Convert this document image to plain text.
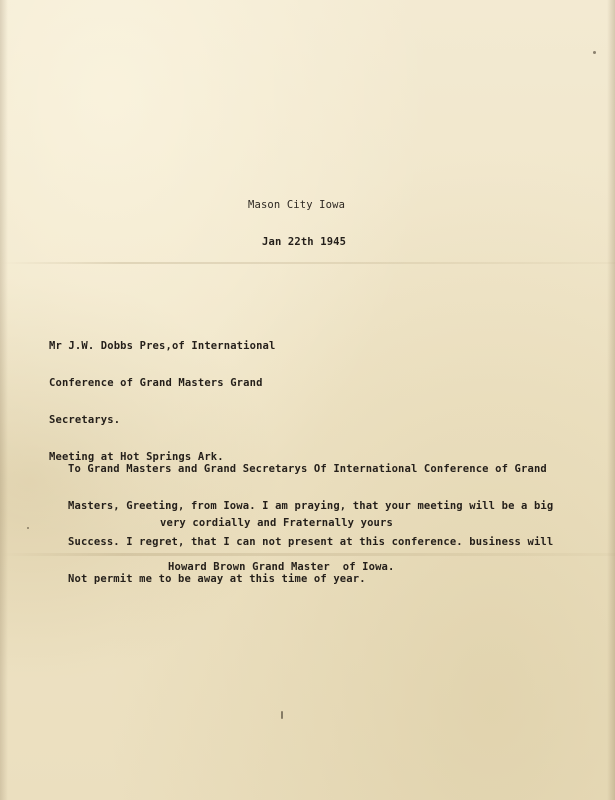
Mason City Iowa
Jan 22th 1945

Mr J.W. Dobbs Pres,of International

Conference of Grand Masters Grand

Secretarys.

Meeting at Hot Springs Ark.

To Grand Masters and Grand Secretarys Of International Conference of Grand

Masters, Greeting, from Iowa. I am praying, that your meeting will be a big

Success. I regret, that I can not present at this conference. business will

Not permit me to be away at this time of year.

very cordially and Fraternally yours
Howard Brown Grand Master  of Iowa.
